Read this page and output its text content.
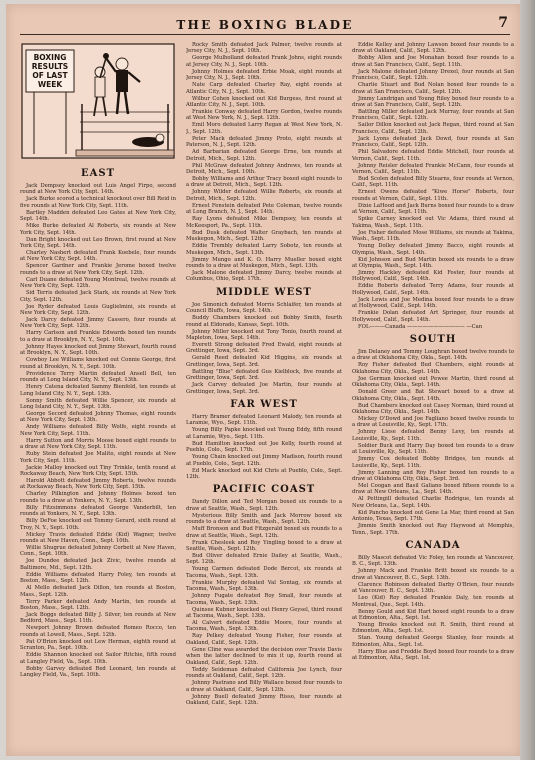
THE BOXING BLADE	7
BOXING
RESULTS
OF LAST
WEEK
EAST

Jack Dempsey knocked out Luis Angel Firpo, second round at New York City, Sept. 14th.

Jack Burke scored a technical knockout over Bill Reid in five rounds at New York City, Sept. 11th.

Bartley Madden defeated Leo Gates at New York City, Sept. 14th.

Mike Burke defeated Al Roberts, six rounds at New York City, Sept. 14th.

Dan Bright knocked out Leo Brown, first round at New York City, Sept. 14th.

Charley Nashert defeated Frank Koebele, four rounds at New York City, Sept. 14th.

Spencer Gardner and Frankie Jerome boxed twelve rounds to a draw at New York City, Sept. 12th.

Carl Duane defeated Young Montreal, twelve rounds at New York City, Sept. 12th.

Sid Terris defeated Jack Stark, six rounds at New York City, Sept. 12th.

Joe Ryder defeated Louis Guglielmini, six rounds at New York City, Sept. 12th.

Jack Darcy defeated Jimmy Cassero, four rounds at New York City, Sept. 12th.

Harry Carlson and Frankie Edwards boxed ten rounds to a draw at Brooklyn, N. Y., Sept. 10th.

Johnny Hayes knocked out Jimmy Stewart, fourth round at Brooklyn, N. Y., Sept. 10th.

Cowboy Lee Williams knocked out Connie George, first round at Brooklyn, N. Y., Sept. 10th.

Providence Terry Martin defeated Ansell Bell, ten rounds at Long Island City, N. Y., Sept. 13th.

Henry Catena defeated Sammy Bienfeld, ten rounds at Long Island City, N. Y., Sept. 13th.

Sonny Smith defeated Willie Spencer, six rounds at Long Island City, N. Y., Sept. 13th.

George Secord defeated Johnny Thomas, eight rounds at New York City, Sept. 13th.

Andy Williams defeated Billy Wolfe, eight rounds at New York City, Sept. 11th.

Harry Sutton and Morris Moose boxed eight rounds to a draw at New York City, Sept. 11th.

Ruby Stein defeated Joe Malito, eight rounds at New York City, Sept. 11th.

Jackie Malloy knocked out Tiny Trinkle, tenth round at Rockaway Beach, New York City, Sept. 15th.

Harold Abbott defeated Jimmy Roberts, twelve rounds at Rockaway Beach, New York City, Sept. 15th.

Charley Pilkington and Johnny Holmes boxed ten rounds to a draw at Yonkers, N. Y., Sept. 13th.

Billy Fitzsimmons defeated George Vanderbilt, ten rounds at Yonkers, N. Y., Sept. 13th.

Billy DeFoe knocked out Tommy Gerard, sixth round at Troy, N. Y., Sept. 10th.

Mickey Travis defeated Eddie (Kid) Wagner, twelve rounds at New Haven, Conn., Sept. 10th.

Willie Shugrue defeated Johnny Corbett at New Haven, Conn., Sept. 10th.

Joe Dundee defeated Jack Zivic, twelve rounds at Baltimore, Md., Sept. 12th.

Eddie Williams defeated Harry Foley, ten rounds at Boston, Mass., Sept. 12th.

Al Mello defeated Jack Dillon, ten rounds at Boston, Mass., Sept. 12th.

Terry Parker defeated Andy Martin, ten rounds at Boston, Mass., Sept. 12th.

Jack Boggs defeated Billy J. Silver, ten rounds at New Bedford, Mass., Sept. 11th.

Newport Johnny Brown defeated Romeo Rocco, ten rounds at Lowell, Mass., Sept. 12th.

Pat O'Brien knocked out Lew Herman, eighth round at Scranton, Pa., Sept. 10th.

Eddie Shannon knocked out Sailor Ritchie, fifth round at Langley Field, Va., Sept. 10th.

Bobby Garvey defeated Red Leonard, ten rounds at Langley Field, Va., Sept. 10th.

Rocky Smith defeated Jack Palmer, twelve rounds at Jersey City, N. J., Sept. 10th.

George Mulholland defeated Frank Johns, eight rounds at Jersey City, N. J., Sept. 10th.

Johnny Holmes defeated Erbie Moak, eight rounds at Jersey City, N. J., Sept. 10th.

Nate Carp defeated Charley Ray, eight rounds at Atlantic City, N. J., Sept. 10th.

Wilbur Cohen knocked out Kid Burgess, first round at Atlantic City, N. J., Sept. 10th.

Frankie Conway defeated Harry Gordon, twelve rounds at West New York, N. J., Sept. 12th.

Emil Moro defeated Larry Regan at West New York, N. J., Sept. 12th.

Peter Mack defeated Jimmy Proto, eight rounds at Paterson, N. J., Sept. 12th.

Ad Barbarian defeated George Erne, ten rounds at Detroit, Mich., Sept. 12th.

Phil McGraw defeated Johnny Andrews, ten rounds at Detroit, Mich., Sept. 10th.

Bobby Williams and Arthur Tracy boxed eight rounds to a draw at Detroit, Mich., Sept. 12th.

Johnny Wilder defeated Willie Roberts, six rounds at Detroit, Mich., Sept. 12th.

Ernest Fenstein defeated Pete Coleman, twelve rounds at Long Branch, N. J., Sept. 14th.

Ray Lyons defeated Mike Dempsey, ten rounds at McKeesport, Pa., Sept. 11th.

Bud Dusk defeated Walter Graybach, ten rounds at Muskegon, Mich., Sept. 12th.

Eddie Trembly defeated Larry Sobotz, ten rounds at Muskegon, Mich., Sept. 13th.

Jimmy Mungo and K. O. Harry Mueller boxed eight rounds to a draw at Muskegon, Mich., Sept. 13th.

Jack Malone defeated Jimmy Darcy, twelve rounds at Columbus, Ohio, Sept. 17th.

MIDDLE WEST

Joe Simonich defeated Morris Schlaifer, ten rounds at Council Bluffs, Iowa, Sept. 14th.

Buddy Chambers knocked out Bobby Smith, fourth round at Eldorado, Kansas, Sept. 10th.

Johnny Miller knocked out Tony Tonio, fourth round at Mapleton, Iowa, Sept. 14th.

Everett Strong defeated Fred Ewald, eight rounds at Grettinger, Iowa, Sept. 3rd.

Gerald Reed defeated Kid Higgins, six rounds at Grettinger, Iowa, Sept. 3rd.

Battling "Blue" defeated Gus Kielblock, five rounds at Grettinger, Iowa, Sept. 3rd.

Jack Carvey defeated Joe Martin, four rounds at Grettinger, Iowa, Sept. 3rd.

FAR WEST

Harry Bramer defeated Leonard Malody, ten rounds at Laramie, Wyo., Sept. 11th.

Young Billy Papke knocked out Young Eddy, fifth round at Laramie, Wyo., Sept. 11th.

Bud Hamilton knocked out Joe Kelly, fourth round at Pueblo, Colo., Sept. 17th.

Young Chain knocked out Jimmy Madison, fourth round at Pueblo, Colo., Sept. 12th.

Ed Mack knocked out Kid Chris at Pueblo, Colo., Sept. 12th.

PACIFIC COAST

Dandy Dillon and Ted Morgan boxed six rounds to a draw at Seattle, Wash., Sept. 12th.

Mysterious Billy Smith and Jack Morrow boxed six rounds to a draw at Seattle, Wash., Sept. 12th.

Muff Bronson and Bud Fitzgerald boxed six rounds to a draw at Seattle, Wash., Sept. 12th.

Frank Chesleek and Roy Yingling boxed to a draw at Seattle, Wash., Sept. 12th.

Bud Oliver defeated Ernie Dailey at Seattle, Wash., Sept. 12th.

Young Carmen defeated Dode Bercot, six rounds at Tacoma, Wash., Sept. 13th.

Frankie Murphy defeated Val Sontag, six rounds at Tacoma, Wash., Sept. 13th.

Johnny Fugate defeated Roy Small, four rounds at Tacoma, Wash., Sept. 13th.

Quinsee Kubner knocked out Henry Geysel, third round at Tacoma, Wash., Sept. 13th.

Al Calvert defeated Eddie Moore, four rounds at Tacoma, Wash., Sept. 13th.

Ray Pelkey defeated Young Fisher, four rounds at Oakland, Calif., Sept. 12th.

Gene Cline was awarded the decision over Travie Davis when the latter declined to mix it up, fourth round at Oakland, Calif., Sept. 12th.

Teddy Seideman defeated California Joe Lynch, four rounds at Oakland, Calif., Sept. 12th.

Johnny Pastrano and Billy Wallace boxed four rounds to a draw at Oakland, Calif., Sept. 12th.

Johnny Buell defeated Jimmy Risso, four rounds at Oakland, Calif., Sept. 12th.

Eddie Kelley and Johnny Lawson boxed four rounds to a draw at Oakland, Calif., Sept. 12th.

Bobby Allen and Joe Monahan boxed four rounds to a draw at San Francisco, Calif., Sept. 11th.

Jack Malone defeated Johnny Drexel, four rounds at San Francisco, Calif., Sept. 12th.

Charlie Stuart and Bud Nolan boxed four rounds to a draw at San Francisco, Calif., Sept. 12th.

Jimmy Landrigan and Young Riley boxed four rounds to a draw at San Francisco, Calif., Sept. 12th.

Battling Miller defeated Jack Murray, four rounds at San Francisco, Calif., Sept. 12th.

Sailor Dillon knocked out Jack Regan, third round at San Francisco, Calif., Sept. 12th.

Jack Lyons defeated Jack Dowd, four rounds at San Francisco, Calif., Sept. 12th.

Phil Salvadore defeated Eddie Mitchell, four rounds at Vernon, Calif., Sept. 11th.

Johnny Reisler defeated Frankie McCann, four rounds at Vernon, Calif., Sept. 11th.

Bud Scolen defeated Billy Stearns, four rounds at Vernon, Calif., Sept. 11th.

Ernest Owens defeated "Kiwe Horse" Roberts, four rounds at Vernon, Calif., Sept. 11th.

Dixie LaHood and Jack Burns boxed four rounds to a draw at Vernon, Calif., Sept. 11th.

Spike Carney knocked out Vic Adams, third round at Yakima, Wash., Sept. 11th.

Joe Fisher defeated Mose Williams, six rounds at Yakima, Wash., Sept. 11th.

Young Dolley defeated Jimmy Bacco, eight rounds at Olympia, Wash., Sept. 14th.

Kid Johnson and Bud Martin boxed six rounds to a draw at Olympia, Wash., Sept. 14th.

Jimmy Hackley defeated Kid Foster, four rounds at Hollywood, Calif., Sept. 14th.

Eddie Roberts defeated Terry Adams, four rounds at Hollywood, Calif., Sept. 14th.

Jack Lewis and Joe Medina boxed four rounds to a draw at Hollywood, Calif., Sept. 14th.

Frankie Dolan defeated Art Springer, four rounds at Hollywood, Calif., Sept. 14th.

FOL———Canada ——————————— —Can

SOUTH

Jim Delaney and Tommy Loughran boxed twelve rounds to a draw at Oklahoma City, Okla., Sept. 14th.

Roy Fisher defeated Bud Chambers, eight rounds at Oklahoma City, Okla., Sept. 14th.

Joe German knocked out Pewee Martin, third round at Oklahoma City, Okla., Sept. 14th.

Donald Greer and Bat Stewart boxed to a draw at Oklahoma City, Okla., Sept. 14th.

Bud Chambers knocked out Casey Norman, third round at Oklahoma City, Okla., Sept. 14th.

Mickey O'Dowd and Joe Fagliano boxed twelve rounds to a draw at Louisville, Ky., Sept. 17th.

Johnny Liese defeated Benny Levy, ten rounds at Louisville, Ky., Sept. 11th.

Soldier Buck and Harry Day boxed ten rounds to a draw at Louisville, Ky., Sept. 11th.

Jimmy Cox defeated Bobby Bridges, ten rounds at Louisville, Ky., Sept. 11th.

Jimmy Lanning and Roy Fisher boxed ten rounds to a draw at Oklahoma City, Okla., Sept. 3rd.

Mel Coogan and Basil Galiano boxed fifteen rounds to a draw at New Orleans, La., Sept. 14th.

Al Pettingill defeated Charlie Rodrigue, ten rounds at New Orleans, La., Sept. 14th.

Kid Pancho knocked out Gene La Mar, third round at San Antonio, Texas, Sept. 17th.

Jimmie Smith knocked out Ray Haywood at Memphis, Tenn., Sept. 17th.

CANADA

Billy Mascot defeated Vic Foley, ten rounds at Vancouver, B. C., Sept. 13th.

Johnny Mack and Frankie Britt boxed six rounds to a draw at Vancouver, B. C., Sept. 13th.

Clarence Robinson defeated Darby O'Brien, four rounds at Vancouver, B. C., Sept. 13th.

Leo (Kid) Roy defeated Frankie Daly, ten rounds at Montreal, Que., Sept. 14th.

Benny Gould and Kid Hart boxed eight rounds to a draw at Edmonton, Alta., Sept. 1st.

Young Brooks knocked out R. Smith, third round at Edmonton, Alta., Sept. 1st.

Stan. Young defeated George Stanley, four rounds at Edmonton, Alta., Sept. 1st.

Harry Blue and Freddie Boyd boxed four rounds to a draw at Edmonton, Alta., Sept. 1st.
